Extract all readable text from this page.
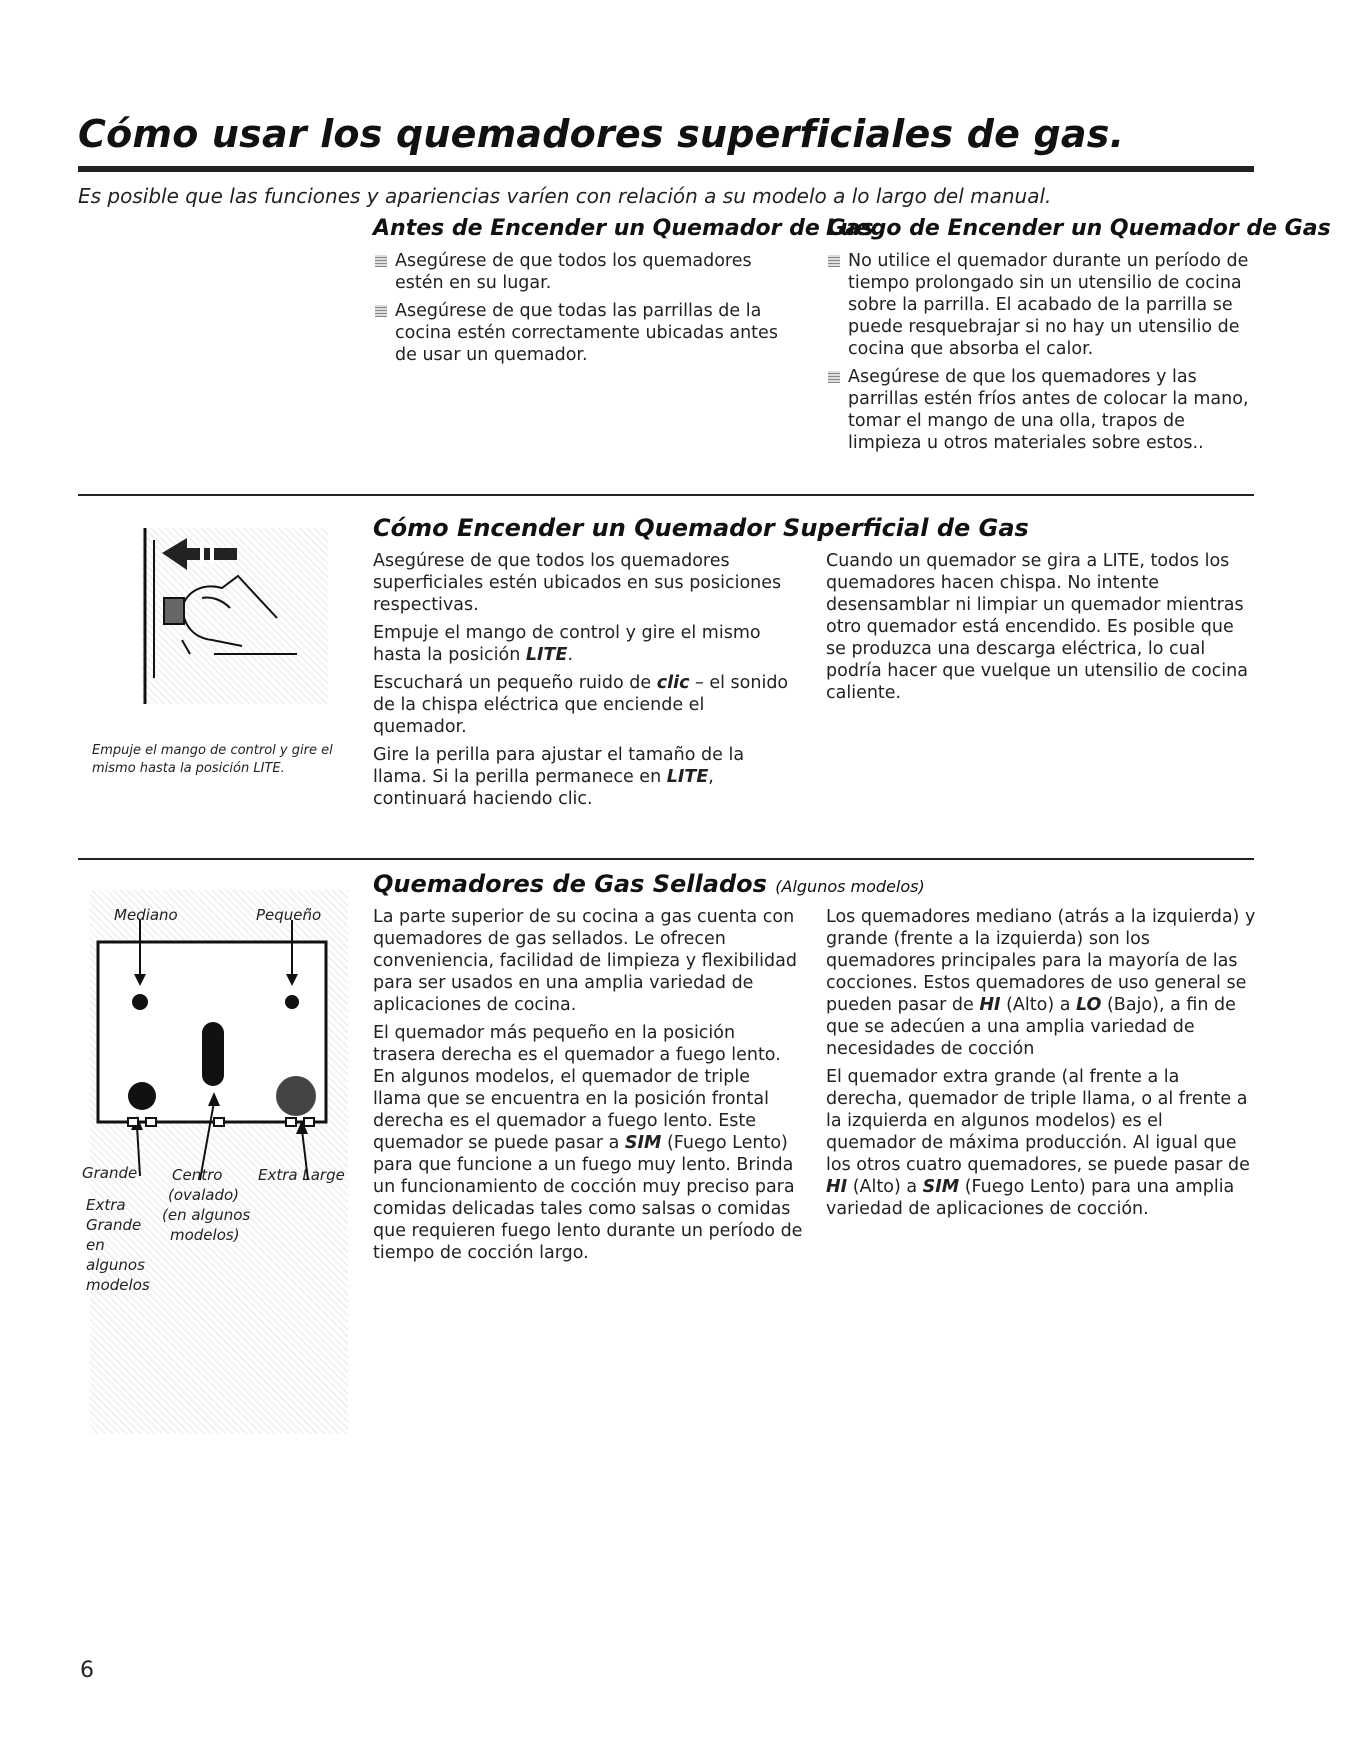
Cómo usar los quemadores superficiales de gas.
Es posible que las funciones y apariencias varíen con relación a su modelo a lo largo del manual.
Antes de Encender un Quemador de Gas
Asegúrese de que todos los quemadores estén en su lugar.
Asegúrese de que todas las parrillas de la cocina estén correctamente ubicadas antes de usar un quemador.
Luego de Encender un Quemador de Gas
No utilice el quemador durante un período de tiempo prolongado sin un utensilio de cocina sobre la parrilla. El acabado de la parrilla se puede resquebrajar si no hay un utensilio de cocina que absorba el calor.
Asegúrese de que los quemadores y las parrillas estén fríos antes de colocar la mano, tomar el mango de una olla, trapos de limpieza u otros materiales sobre estos..
Empuje el mango de control y gire el mismo hasta la posición LITE.
Cómo Encender un Quemador Superficial de Gas

Asegúrese de que todos los quemadores superficiales estén ubicados en sus posiciones respectivas.

Empuje el mango de control y gire el mismo hasta la posición LITE.

Escuchará un pequeño ruido de clic – el sonido de la chispa eléctrica que enciende el quemador.

Gire la perilla para ajustar el tamaño de la llama. Si la perilla permanece en LITE, continuará haciendo clic.

Cuando un quemador se gira a LITE, todos los quemadores hacen chispa. No intente desensamblar ni limpiar un quemador mientras otro quemador está encendido. Es posible que se produzca una descarga eléctrica, lo cual podría hacer que vuelque un utensilio de cocina caliente.

Mediano	Pequeño
Grande Centro Extra Large
(ovalado)
(en algunos
modelos)
Extra
Grande
en
algunos
modelos
Quemadores de Gas Sellados (Algunos modelos)

La parte superior de su cocina a gas cuenta con quemadores de gas sellados. Le ofrecen conveniencia, facilidad de limpieza y flexibilidad para ser usados en una amplia variedad de aplicaciones de cocina.

El quemador más pequeño en la posición trasera derecha es el quemador a fuego lento. En algunos modelos, el quemador de triple llama que se encuentra en la posición frontal derecha es el quemador a fuego lento. Este

quemador se puede pasar a SIM (Fuego Lento) para que funcione a un fuego muy lento. Brinda un funcionamiento de cocción muy preciso para comidas delicadas tales como salsas o comidas que requieren fuego lento durante un período de tiempo de cocción largo.

Los quemadores mediano (atrás a la izquierda) y grande (frente a la izquierda) son los quemadores principales para la mayoría de las cocciones. Estos quemadores de uso general se pueden pasar de HI (Alto) a LO (Bajo), a fin de que se adecúen a una amplia variedad de necesidades de cocción

El quemador extra grande (al frente a la derecha, quemador de triple llama, o al frente a la izquierda en algunos modelos) es el quemador de máxima producción. Al igual que los otros cuatro quemadores, se puede pasar de HI (Alto) a SIM (Fuego Lento) para una amplia variedad de aplicaciones de cocción.

6
